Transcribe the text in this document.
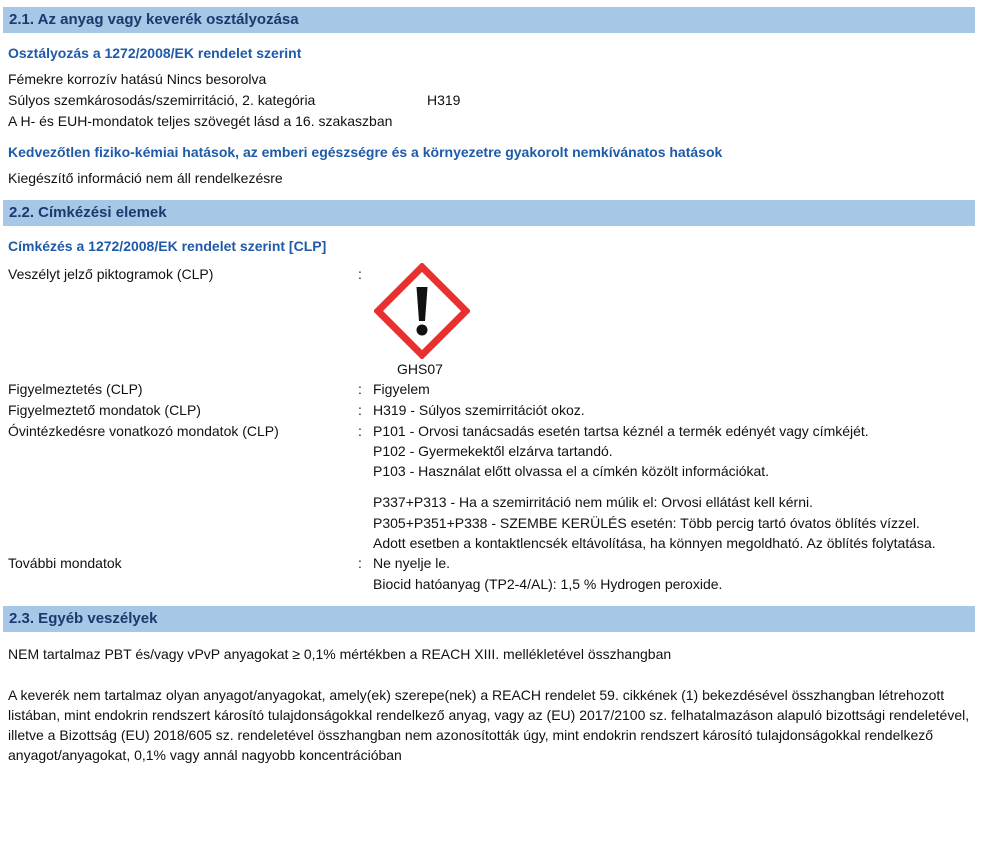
2.1. Az anyag vagy keverék osztályozása
Osztályozás a 1272/2008/EK rendelet szerint
Fémekre korrozív hatású Nincs besorolva
Súlyos szemkárosodás/szemirritáció, 2. kategória	H319
A H- és EUH-mondatok teljes szövegét lásd a 16. szakaszban
Kedvezőtlen fiziko-kémiai hatások, az emberi egészségre és a környezetre gyakorolt nemkívánatos hatások
Kiegészítő információ nem áll rendelkezésre
2.2. Címkézési elemek
Címkézés a 1272/2008/EK rendelet szerint [CLP]
Veszélyt jelző piktogramok (CLP)	:
GHS07
Figyelmeztetés (CLP)	: Figyelem
Figyelmeztető mondatok (CLP)	: H319 - Súlyos szemirritációt okoz.
Óvintézkedésre vonatkozó mondatok (CLP)	: P101 - Orvosi tanácsadás esetén tartsa kéznél a termék edényét vagy címkéjét.
P102 - Gyermekektől elzárva tartandó.
P103 - Használat előtt olvassa el a címkén közölt információkat.
P337+P313 - Ha a szemirritáció nem múlik el: Orvosi ellátást kell kérni.
P305+P351+P338 - SZEMBE KERÜLÉS esetén: Több percig tartó óvatos öblítés vízzel.
Adott esetben a kontaktlencsék eltávolítása, ha könnyen megoldható. Az öblítés folytatása.
További mondatok	: Ne nyelje le.
Biocid hatóanyag (TP2-4/AL): 1,5 % Hydrogen peroxide.
2.3. Egyéb veszélyek
NEM tartalmaz PBT és/vagy vPvP anyagokat ≥ 0,1% mértékben a REACH XIII. mellékletével összhangban
A keverék nem tartalmaz olyan anyagot/anyagokat, amely(ek) szerepe(nek) a REACH rendelet 59. cikkének (1) bekezdésével összhangban létrehozott listában, mint endokrin rendszert károsító tulajdonságokkal rendelkező anyag, vagy az (EU) 2017/2100 sz. felhatalmazáson alapuló bizottsági rendeletével, illetve a Bizottság (EU) 2018/605 sz. rendeletével összhangban nem azonosították úgy, mint endokrin rendszert károsító tulajdonságokkal rendelkező anyagot/anyagokat, 0,1% vagy annál nagyobb koncentrációban
